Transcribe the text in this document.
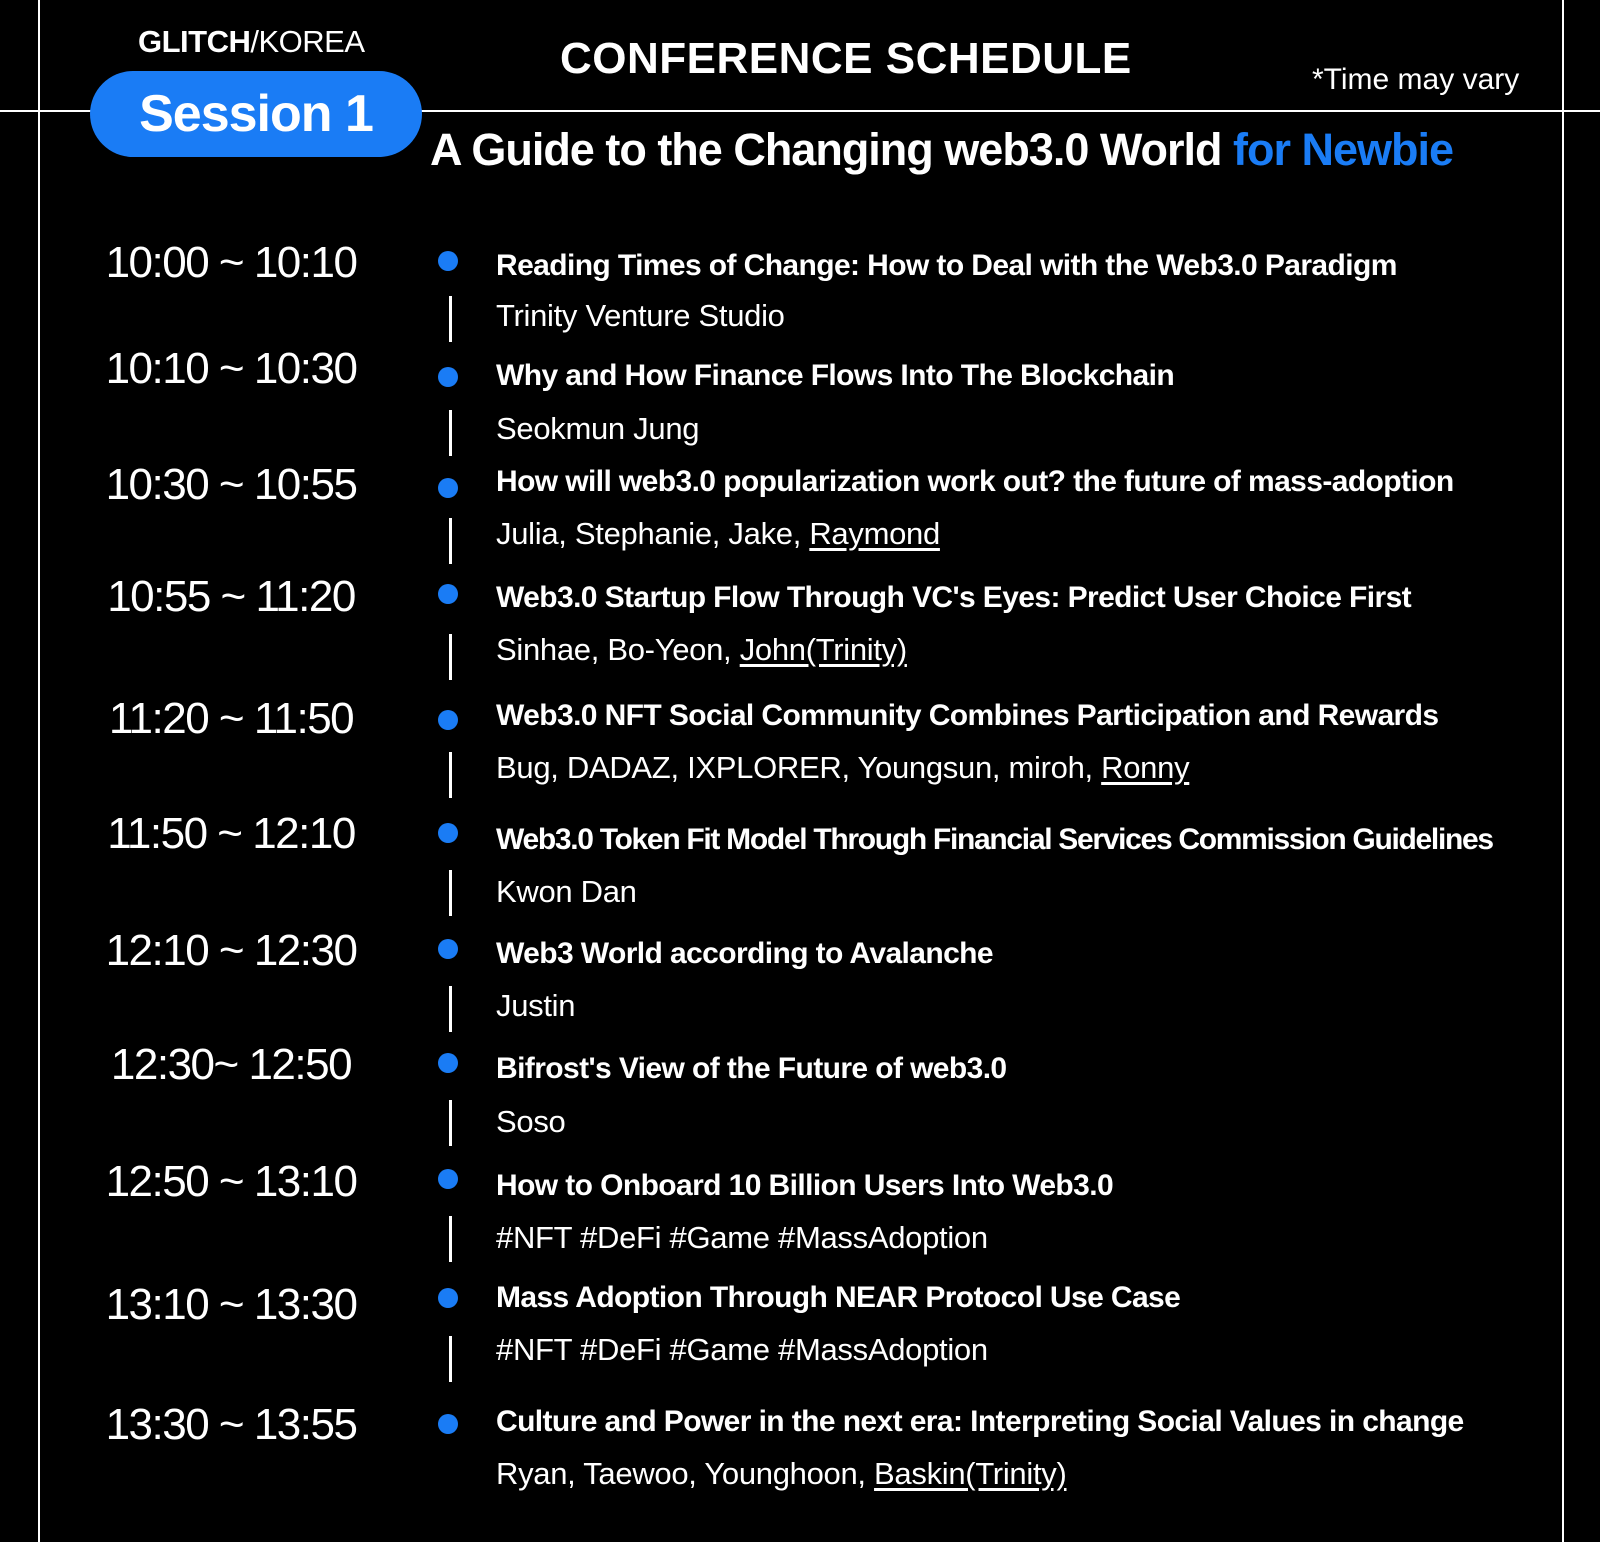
GLITCH/KOREA
Session 1
CONFERENCE SCHEDULE	*Time may vary
A Guide to the Changing web3.0 World for Newbie
10:00 ~ 10:10	Reading Times of Change: How to Deal with the Web3.0 Paradigm
Trinity Venture Studio
10:10 ~ 10:30	Why and How Finance Flows Into The Blockchain
Seokmun Jung
10:30 ~ 10:55	How will web3.0 popularization work out? the future of mass-adoption
Julia, Stephanie, Jake, Raymond
10:55 ~ 11:20	Web3.0 Startup Flow Through VC's Eyes: Predict User Choice First
Sinhae, Bo-Yeon, John(Trinity)
11:20 ~ 11:50	Web3.0 NFT Social Community Combines Participation and Rewards
Bug, DADAZ, IXPLORER, Youngsun, miroh, Ronny
11:50 ~ 12:10	Web3.0 Token Fit Model Through Financial Services Commission Guidelines
Kwon Dan
12:10 ~ 12:30	Web3 World according to Avalanche
Justin
12:30~ 12:50	Bifrost's View of the Future of web3.0
Soso
12:50 ~ 13:10	How to Onboard 10 Billion Users Into Web3.0
#NFT #DeFi #Game #MassAdoption
13:10 ~ 13:30	Mass Adoption Through NEAR Protocol Use Case
#NFT #DeFi #Game #MassAdoption
13:30 ~ 13:55	Culture and Power in the next era: Interpreting Social Values in change
Ryan, Taewoo, Younghoon, Baskin(Trinity)
